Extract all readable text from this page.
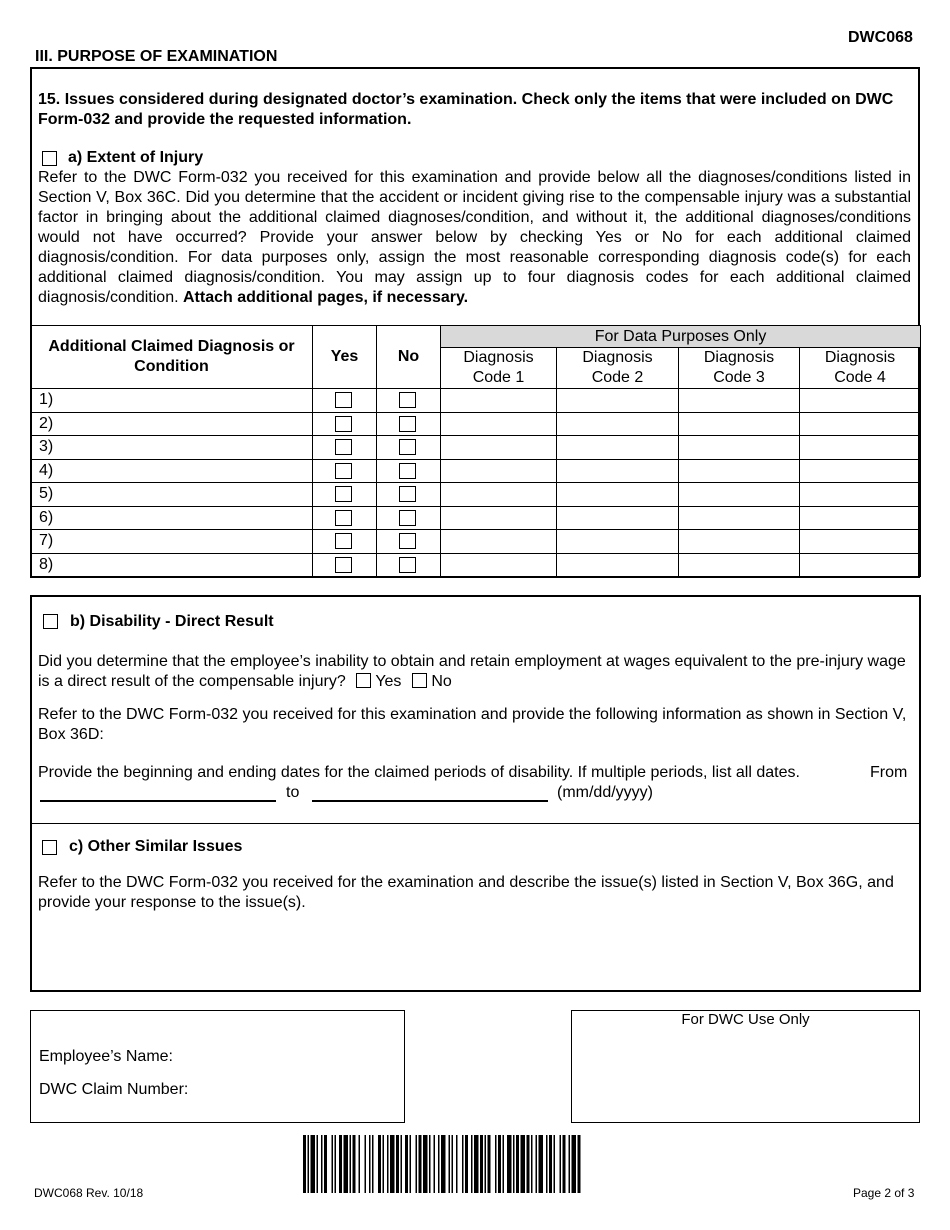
DWC068
III. PURPOSE OF EXAMINATION
15. Issues considered during designated doctor’s examination. Check only the items that were included on DWC Form-032 and provide the requested information.
a) Extent of Injury
Refer to the DWC Form-032 you received for this examination and provide below all the diagnoses/conditions listed in Section V, Box 36C. Did you determine that the accident or incident giving rise to the compensable injury was a substantial factor in bringing about the additional claimed diagnoses/condition, and without it, the additional diagnoses/conditions would not have occurred? Provide your answer below by checking Yes or No for each additional claimed diagnosis/condition. For data purposes only, assign the most reasonable corresponding diagnosis code(s) for each additional claimed diagnosis/condition. You may assign up to four diagnosis codes for each additional claimed diagnosis/condition. Attach additional pages, if necessary.
Additional Claimed Diagnosis or Condition	Yes	No	For Data Purposes Only			
			Diagnosis Code 1	Diagnosis Code 2	Diagnosis Code 3	Diagnosis Code 4
1)	

2)	

3)	

4)	

5)	

6)	

7)	

8)	

b) Disability - Direct Result
Did you determine that the employee’s inability to obtain and retain employment at wages equivalent to the pre-injury wage is a direct result of the compensable injury? Yes No
Refer to the DWC Form-032 you received for this examination and provide the following information as shown in Section V, Box 36D:
Provide the beginning and ending dates for the claimed periods of disability. If multiple periods, list all dates.	From
to	(mm/dd/yyyy)
c) Other Similar Issues
Refer to the DWC Form-032 you received for the examination and describe the issue(s) listed in Section V, Box 36G, and provide your response to the issue(s).
Employee’s Name:
DWC Claim Number:
For DWC Use Only
DWC068 Rev. 10/18	Page 2 of 3
